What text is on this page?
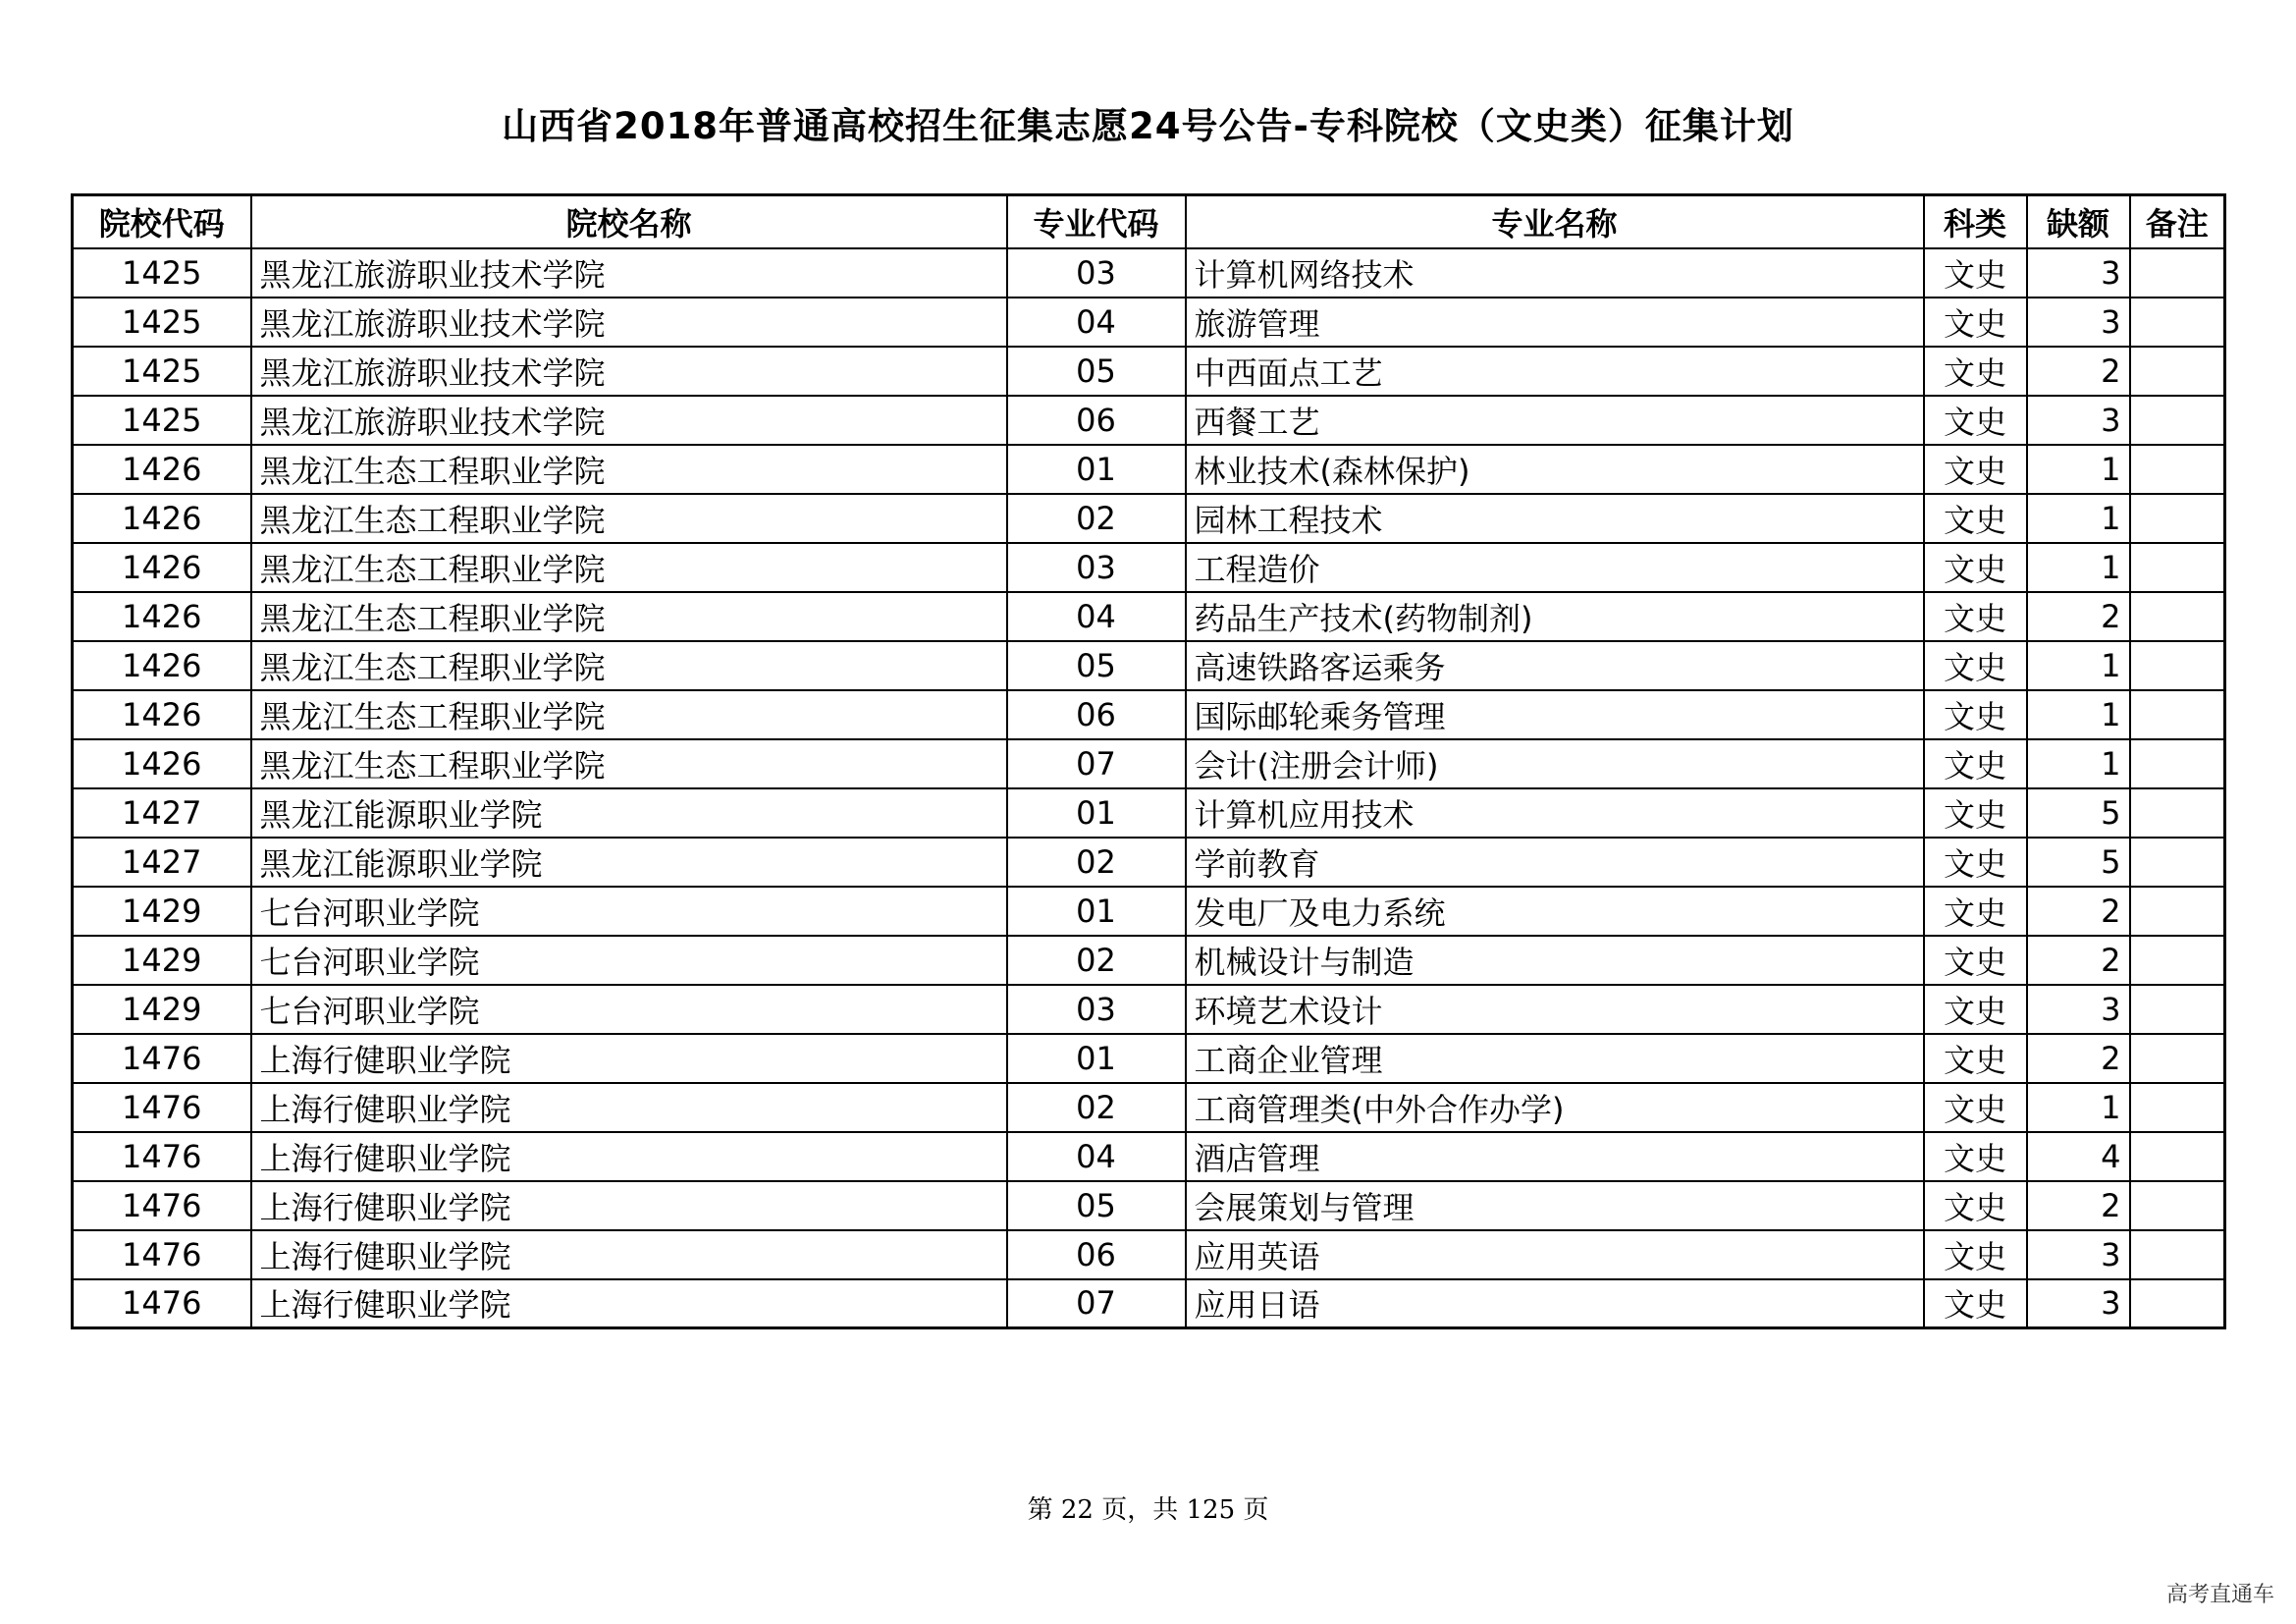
山西省2018年普通高校招生征集志愿24号公告-专科院校（文史类）征集计划
院校代码	院校名称	专业代码	专业名称	科类	缺额	备注
1425	黑龙江旅游职业技术学院	03	计算机网络技术	文史	3	
1425	黑龙江旅游职业技术学院	04	旅游管理	文史	3	
1425	黑龙江旅游职业技术学院	05	中西面点工艺	文史	2	
1425	黑龙江旅游职业技术学院	06	西餐工艺	文史	3	
1426	黑龙江生态工程职业学院	01	林业技术(森林保护)	文史	1	
1426	黑龙江生态工程职业学院	02	园林工程技术	文史	1	
1426	黑龙江生态工程职业学院	03	工程造价	文史	1	
1426	黑龙江生态工程职业学院	04	药品生产技术(药物制剂)	文史	2	
1426	黑龙江生态工程职业学院	05	高速铁路客运乘务	文史	1	
1426	黑龙江生态工程职业学院	06	国际邮轮乘务管理	文史	1	
1426	黑龙江生态工程职业学院	07	会计(注册会计师)	文史	1	
1427	黑龙江能源职业学院	01	计算机应用技术	文史	5	
1427	黑龙江能源职业学院	02	学前教育	文史	5	
1429	七台河职业学院	01	发电厂及电力系统	文史	2	
1429	七台河职业学院	02	机械设计与制造	文史	2	
1429	七台河职业学院	03	环境艺术设计	文史	3	
1476	上海行健职业学院	01	工商企业管理	文史	2	
1476	上海行健职业学院	02	工商管理类(中外合作办学)	文史	1	
1476	上海行健职业学院	04	酒店管理	文史	4	
1476	上海行健职业学院	05	会展策划与管理	文史	2	
1476	上海行健职业学院	06	应用英语	文史	3	
1476	上海行健职业学院	07	应用日语	文史	3	
第 22 页，共 125 页
高考直通车
